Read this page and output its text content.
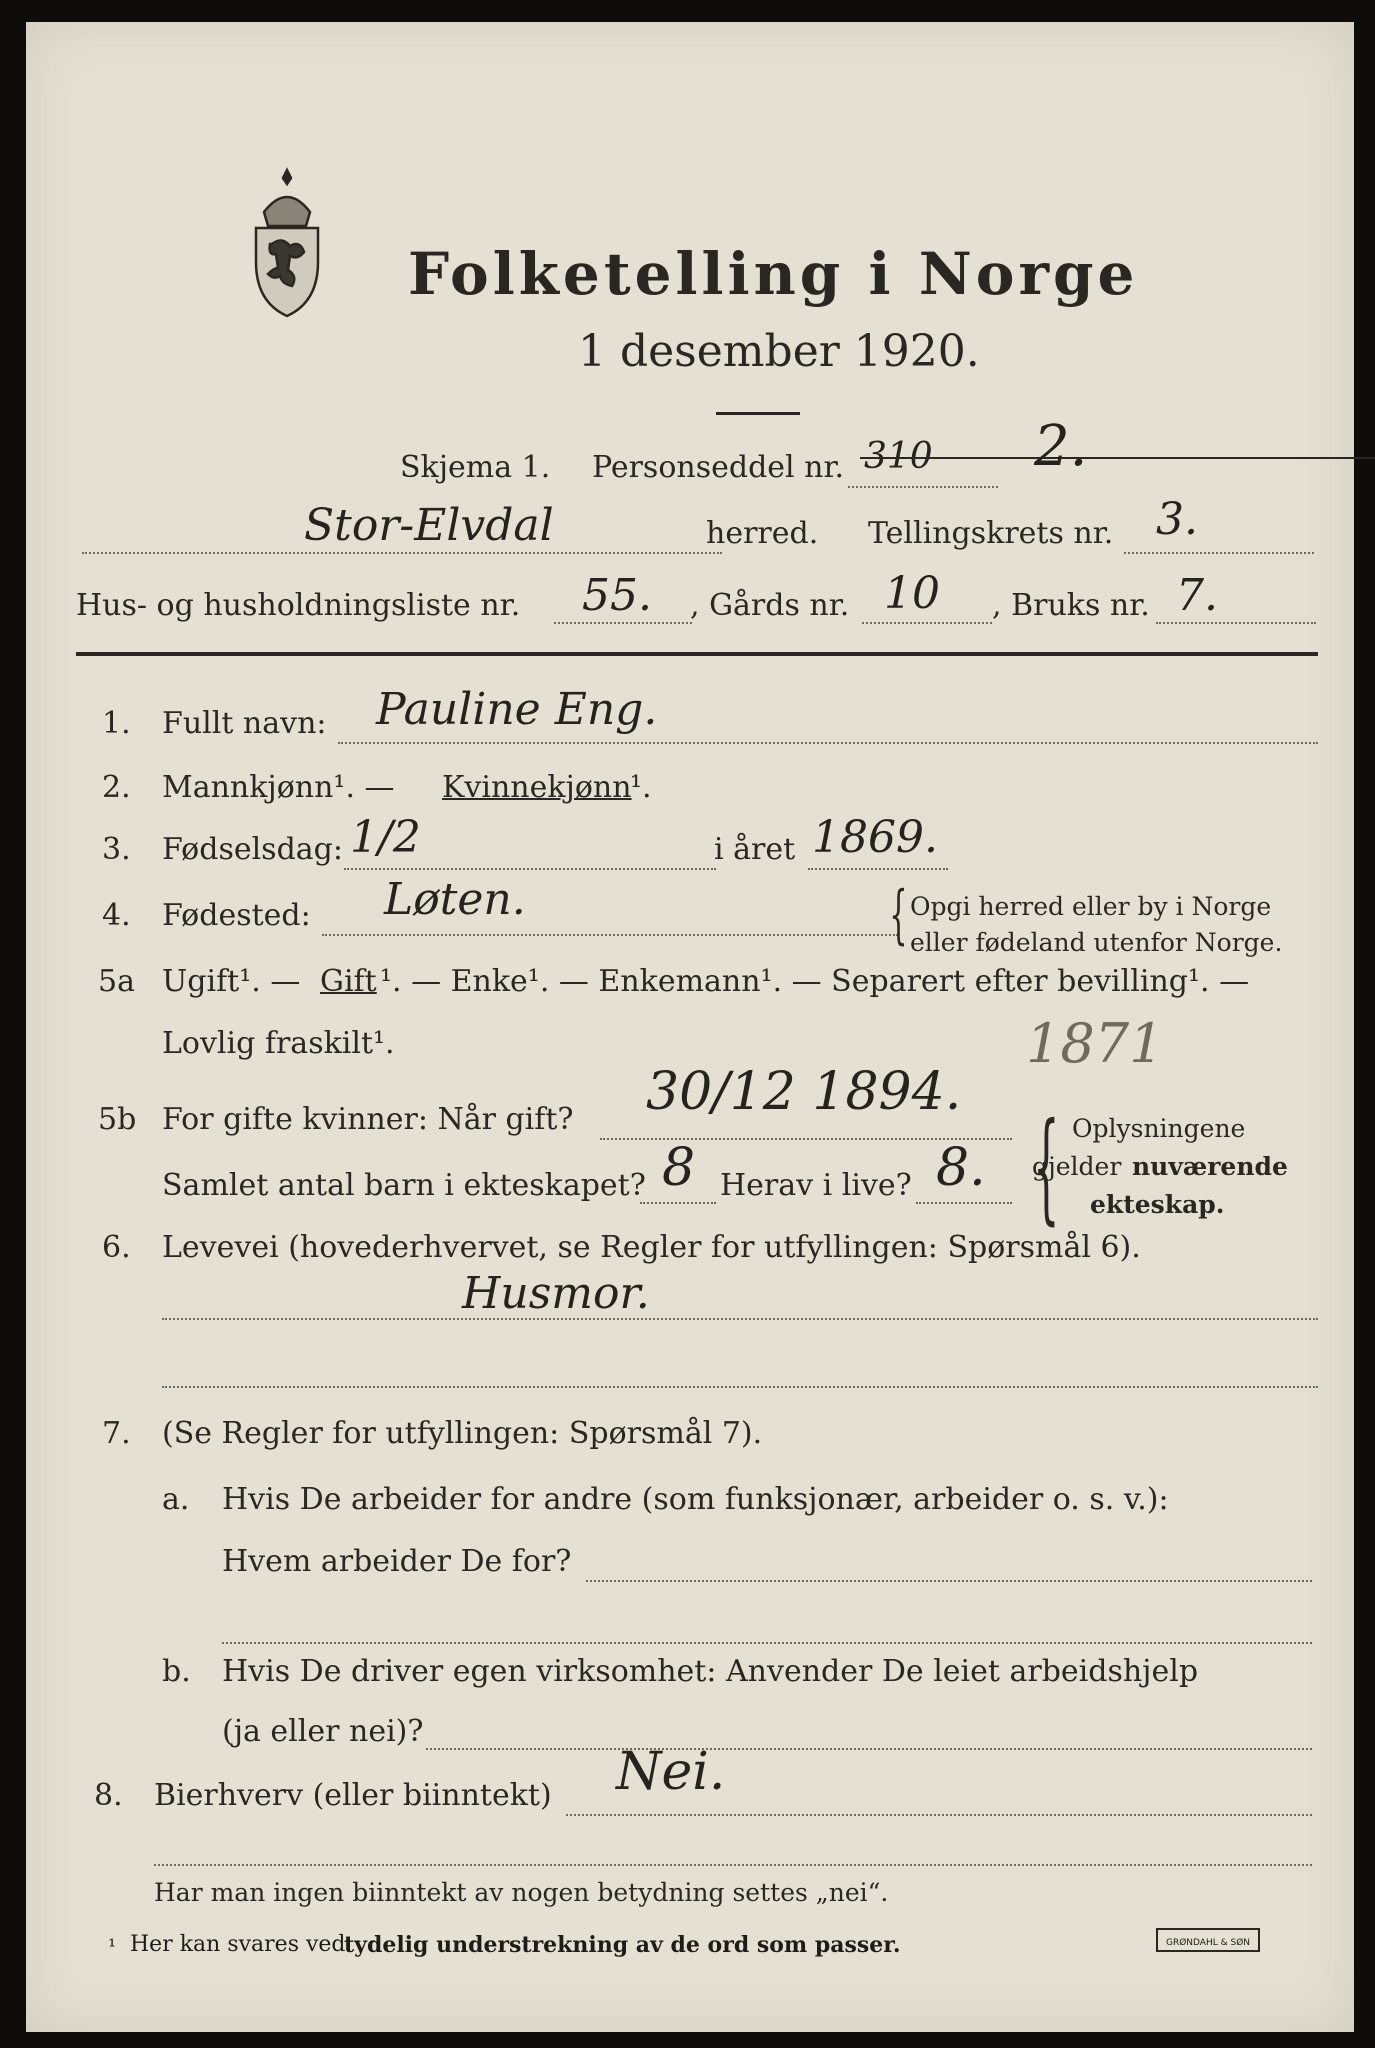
Folketelling i Norge
1 desember 1920.
Skjema 1. Personseddel nr. 310	2.
Stor-Elvdal	herred. Tellingskrets nr. 3.
Hus- og husholdningsliste nr. 55. , Gårds nr. 10 , Bruks nr. 7.
1. Fullt navn: Pauline Eng.
2. Mannkjønn¹. — Kvinnekjønn
¹.
3. Fødselsdag: 1/2	i året 1869.
4. Fødested: Løten.	{ Opgi herred eller by i Norge
eller fødeland utenfor Norge.
5a Ugift¹. — Gift ¹. — Enke¹. — Enkemann¹. — Separert efter bevilling¹. —
Lovlig fraskilt¹.	1871
5b For gifte kvinner: Når gift? 30/12 1894.
Samlet antal barn i ekteskapet? 8 Herav i live? 8. { Oplysningene
gjelder nuværende
ekteskap.
6. Levevei (hovederhvervet, se Regler for utfyllingen: Spørsmål 6).
Husmor.
7. (Se Regler for utfyllingen: Spørsmål 7).
a. Hvis De arbeider for andre (som funksjonær, arbeider o. s. v.):
Hvem arbeider De for?
b. Hvis De driver egen virksomhet: Anvender De leiet arbeidshjelp
(ja eller nei)?
8. Bierhverv (eller biinntekt) Nei.
Har man ingen biinntekt av nogen betydning settes „nei“.
¹ Her kan svares ved
tydelig understrekning av de ord som passer.	GRØNDAHL & SØN
